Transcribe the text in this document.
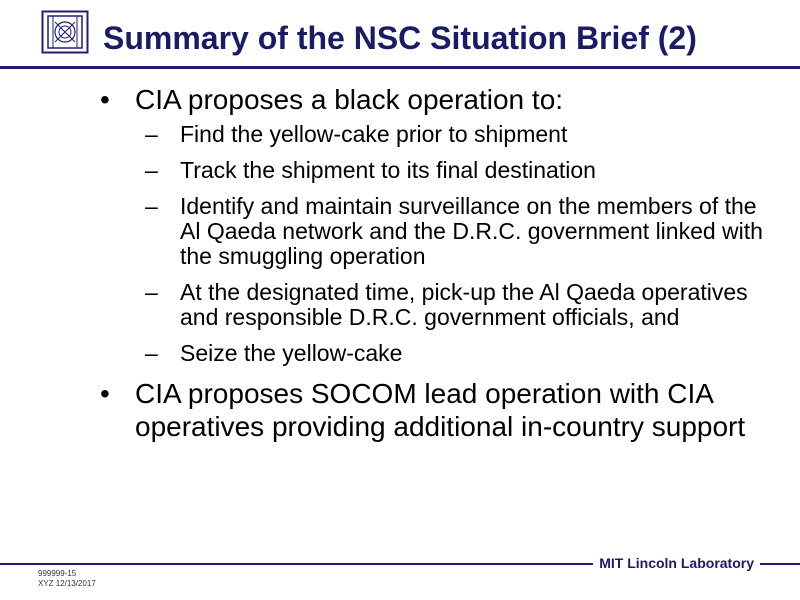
Summary of the NSC Situation Brief (2)
• CIA proposes a black operation to:
– Find the yellow-cake prior to shipment
– Track the shipment to its final destination
– Identify and maintain surveillance on the members of the Al Qaeda network and the D.R.C. government linked with the smuggling operation
– At the designated time, pick-up the Al Qaeda operatives and responsible D.R.C. government officials, and
– Seize the yellow-cake
• CIA proposes SOCOM lead operation with CIA operatives providing additional in-country support
MIT Lincoln Laboratory
999999-15
XYZ 12/13/2017
